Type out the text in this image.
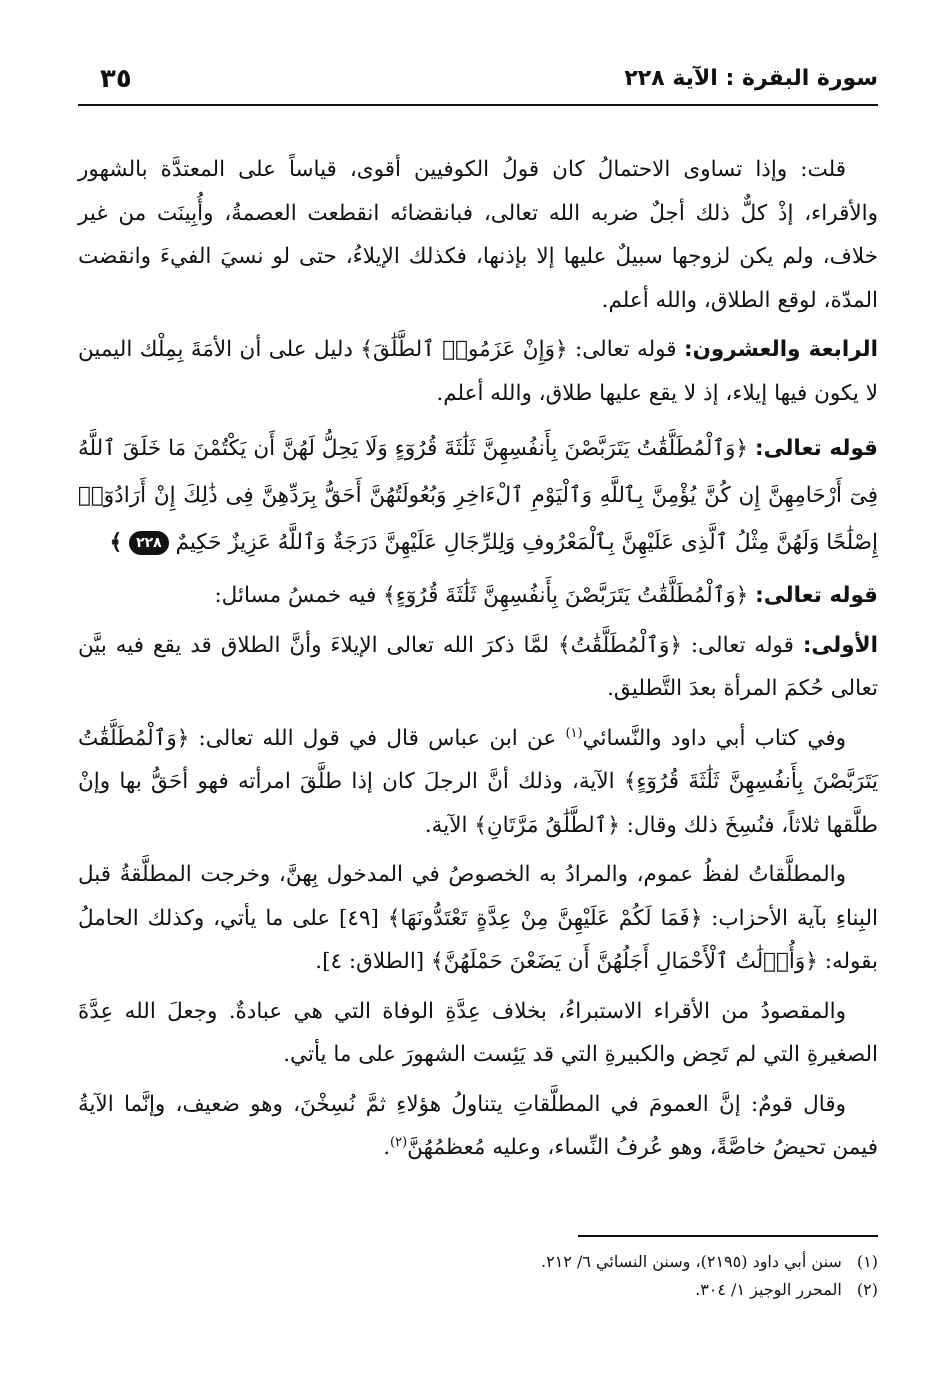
سورة البقرة : الآية ٢٢٨
٣٥

قلت: وإذا تساوى الاحتمالُ كان قولُ الكوفيين أقوى، قياساً على المعتدَّة بالشهور والأقراء، إذْ كلٌّ ذلك أجلٌ ضربه الله تعالى، فبانقضائه انقطعت العصمةُ، وأُبِينَت من غير خلاف، ولم يكن لزوجها سبيلٌ عليها إلا بإذنها، فكذلك الإيلاءُ، حتى لو نسيَ الفيءَ وانقضت المدّة، لوقع الطلاق، والله أعلم.

الرابعة والعشرون: قوله تعالى: ﴿وَإِنْ عَزَمُوا۟ ٱلطَّلَٰقَ﴾ دليل على أن الأمَةَ بِمِلْك اليمين لا يكون فيها إيلاء، إذ لا يقع عليها طلاق، والله أعلم.

قوله تعالى: ﴿وَٱلْمُطَلَّقَٰتُ يَتَرَبَّصْنَ بِأَنفُسِهِنَّ ثَلَٰثَةَ قُرُوٓءٍ وَلَا يَحِلُّ لَهُنَّ أَن يَكْتُمْنَ مَا خَلَقَ ٱللَّهُ فِىٓ أَرْحَامِهِنَّ إِن كُنَّ يُؤْمِنَّ بِٱللَّهِ وَٱلْيَوْمِ ٱلْءَاخِرِ وَبُعُولَتُهُنَّ أَحَقُّ بِرَدِّهِنَّ فِى ذَٰلِكَ إِنْ أَرَادُوٓا۟ إِصْلَٰحًا وَلَهُنَّ مِثْلُ ٱلَّذِى عَلَيْهِنَّ بِٱلْمَعْرُوفِ وَلِلرِّجَالِ عَلَيْهِنَّ دَرَجَةٌ وَٱللَّهُ عَزِيزٌ حَكِيمٌ ٢٢٨ ﴾

قوله تعالى: ﴿وَٱلْمُطَلَّقَٰتُ يَتَرَبَّصْنَ بِأَنفُسِهِنَّ ثَلَٰثَةَ قُرُوٓءٍ﴾ فيه خمسُ مسائل:

الأولى: قوله تعالى: ﴿وَٱلْمُطَلَّقَٰتُ﴾ لمَّا ذكرَ الله تعالى الإيلاءَ وأنَّ الطلاق قد يقع فيه بيَّن تعالى حُكمَ المرأة بعدَ التَّطليق.

وفي كتاب أبي داود والنَّسائي$^{(١)}$ عن ابن عباس قال في قول الله تعالى: ﴿وَٱلْمُطَلَّقَٰتُ يَتَرَبَّصْنَ بِأَنفُسِهِنَّ ثَلَٰثَةَ قُرُوٓءٍ﴾ الآية، وذلك أنَّ الرجلَ كان إذا طلَّقَ امرأته فهو أحَقُّ بها وإنْ طلَّقها ثلاثاً، فنُسِخَ ذلك وقال: ﴿ٱلطَّلَٰقُ مَرَّتَانِ﴾ الآية.

والمطلَّقاتُ لفظُ عموم، والمرادُ به الخصوصُ في المدخول بِهنَّ، وخرجت المطلَّقةُ قبل البِناءِ بآية الأحزاب: ﴿فَمَا لَكُمْ عَلَيْهِنَّ مِنْ عِدَّةٍ تَعْتَدُّونَهَا﴾ [٤٩] على ما يأتي، وكذلك الحاملُ بقوله: ﴿وَأُو۟لَٰتُ ٱلْأَحْمَالِ أَجَلُهُنَّ أَن يَضَعْنَ حَمْلَهُنَّ﴾ [الطلاق: ٤].

والمقصودُ من الأقراء الاستبراءُ، بخلاف عِدَّةِ الوفاة التي هي عبادةٌ. وجعلَ الله عِدَّةَ الصغيرةِ التي لم تَحِض والكبيرةِ التي قد يَئِست الشهورَ على ما يأتي.

وقال قومٌ: إنَّ العمومَ في المطلَّقاتِ يتناولُ هؤلاءِ ثمَّ نُسِخْنَ، وهو ضعيف، وإنَّما الآيةُ فيمن تحيضُ خاصَّةً، وهو عُرفُ النِّساء، وعليه مُعظمُهُنَّ$^{(٢)}$.

(١) سنن أبي داود (٢١٩٥)، وسنن النسائي ٦/ ٢١٢.

(٢) المحرر الوجيز ١/ ٣٠٤.
